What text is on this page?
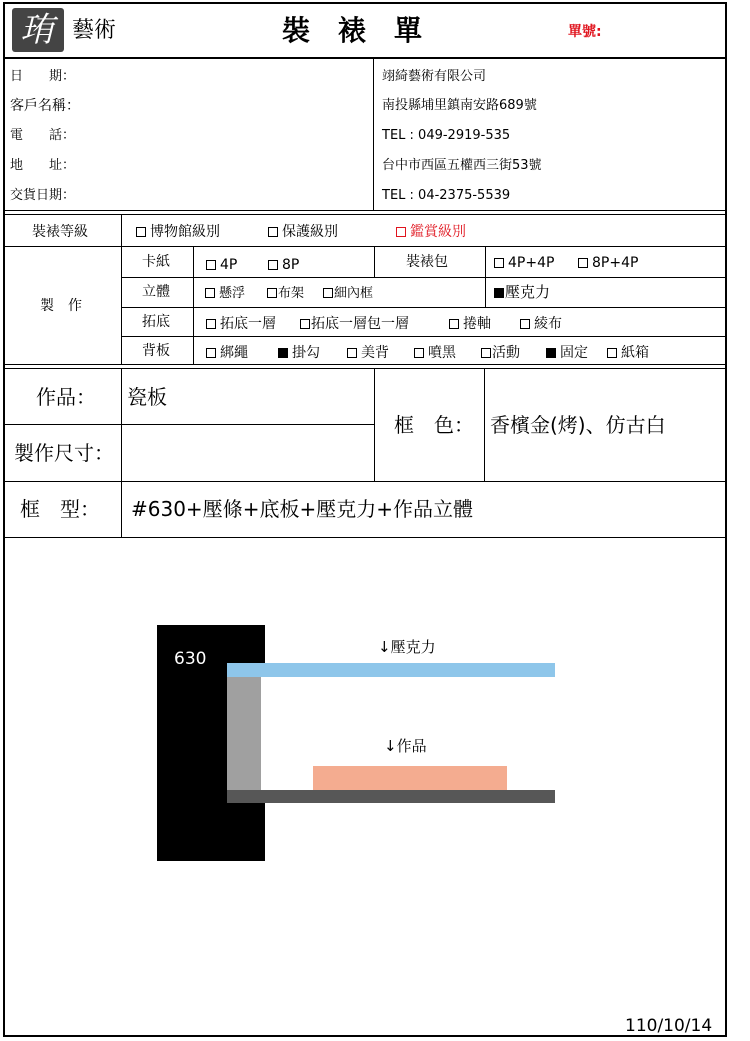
珛 藝術	裝　裱　單	單號:
日　　期：
客戶名稱：
電　　話：
地　　址：
交貨日期：
翊綺藝術有限公司
南投縣埔里鎮南安路689號
TEL : 049-2919-535
台中市西區五權西三街53號
TEL : 04-2375-5539
裝裱等級	博物館級別	保護級別	鑑賞級別
製　作
卡紙	4P	8P	裝裱包	4P+4P	8P+4P
立體	懸浮	布架	細內框	壓克力
拓底	拓底一層	拓底一層包一層	捲軸	綾布
背板	綁繩	掛勾	美背	噴黑	活動	固定	紙箱
作品： 瓷板
製作尺寸：
框　色： 香檳金(烤)、仿古白
框　型： #630+壓條+底板+壓克力+作品立體
630
↓壓克力
↓作品
110/10/14
